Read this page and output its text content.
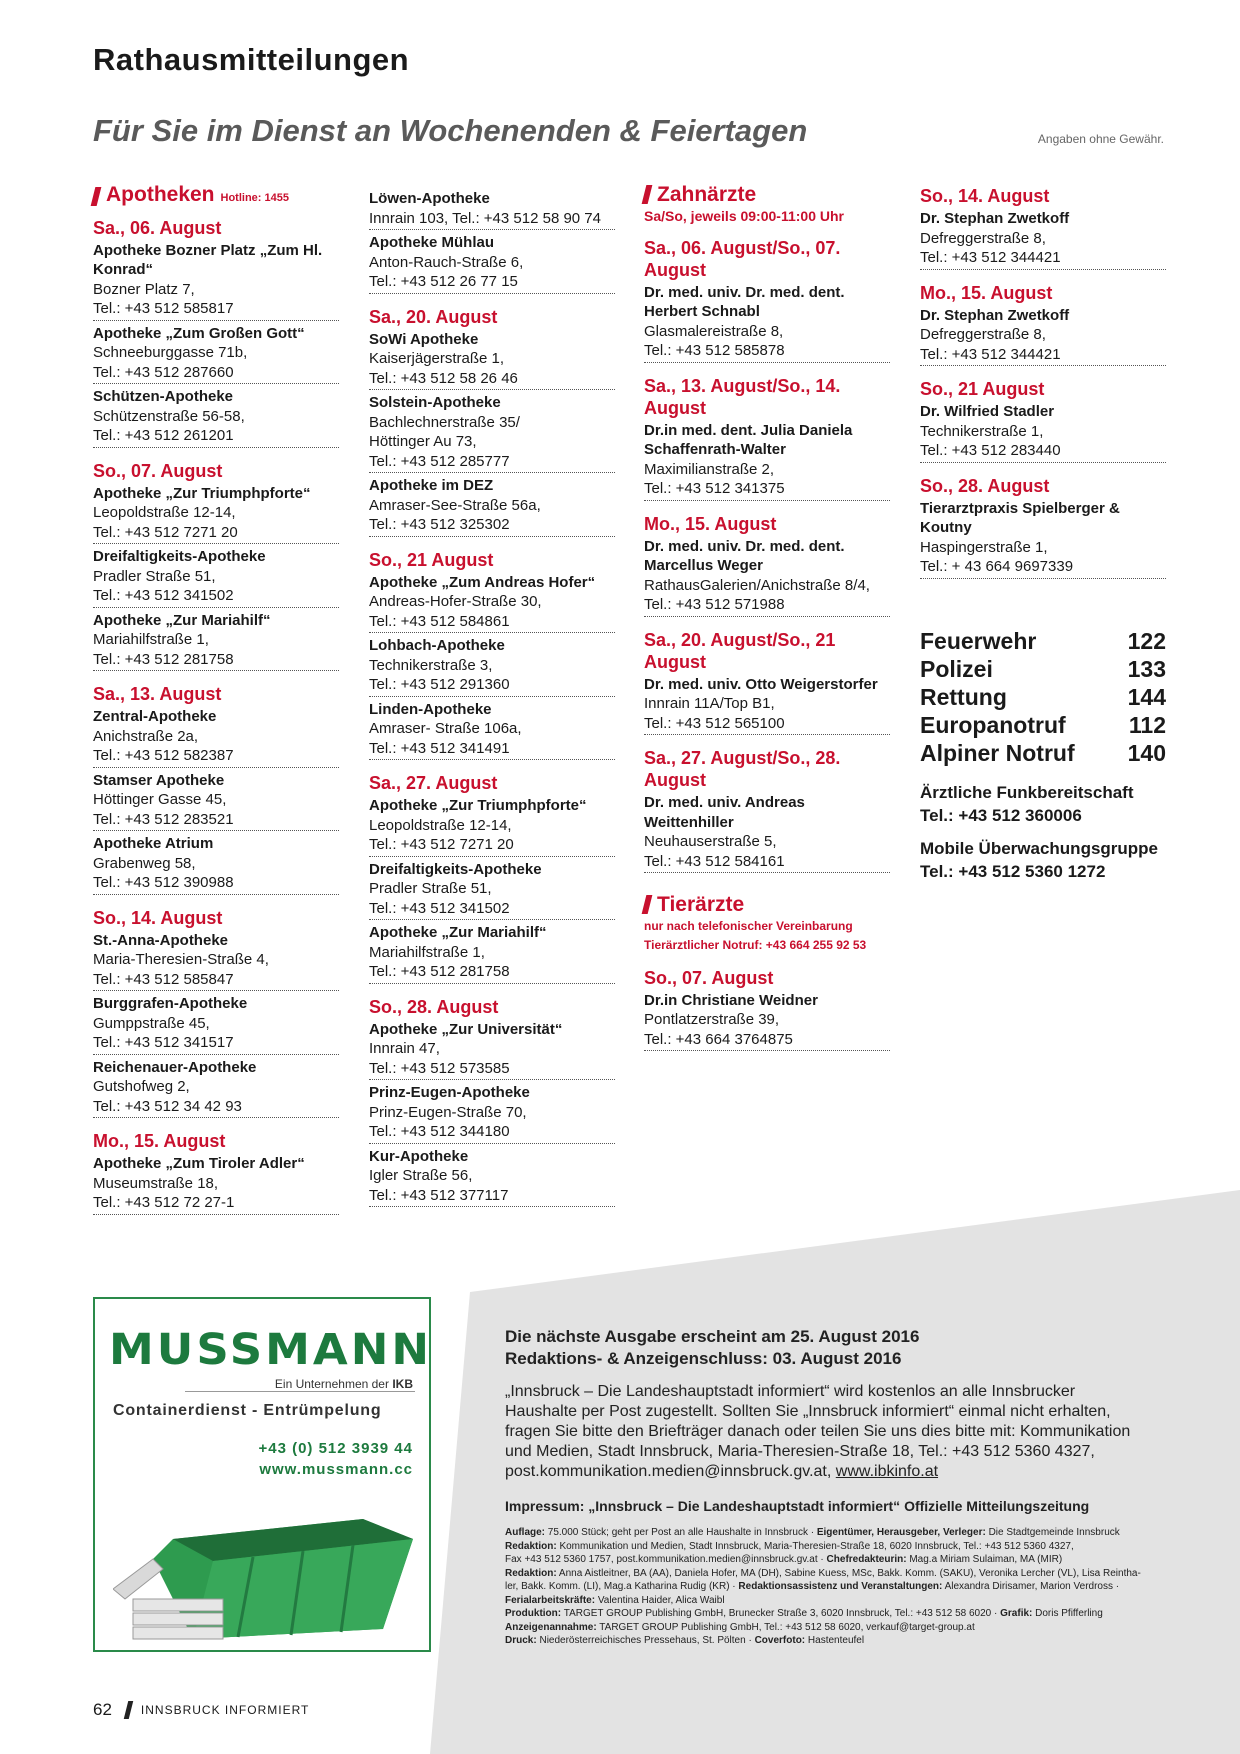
Rathausmitteilungen
Für Sie im Dienst an Wochenenden & Feiertagen	Angaben ohne Gewähr.
Apotheken Hotline: 1455
Sa., 06. August
Apotheke Bozner Platz „Zum Hl. Konrad“
Bozner Platz 7,
Tel.: +43 512 585817
Apotheke „Zum Großen Gott“
Schneeburggasse 71b,
Tel.: +43 512 287660
Schützen-Apotheke
Schützenstraße 56-58,
Tel.: +43 512 261201
So., 07. August
Apotheke „Zur Triumphpforte“
Leopoldstraße 12-14,
Tel.: +43 512 7271 20
Dreifaltigkeits-Apotheke
Pradler Straße 51,
Tel.: +43 512 341502
Apotheke „Zur Mariahilf“
Mariahilfstraße 1,
Tel.: +43 512 281758
Sa., 13. August
Zentral-Apotheke
Anichstraße 2a,
Tel.: +43 512 582387
Stamser Apotheke
Höttinger Gasse 45,
Tel.: +43 512 283521
Apotheke Atrium
Grabenweg 58,
Tel.: +43 512 390988
So., 14. August
St.-Anna-Apotheke
Maria-Theresien-Straße 4,
Tel.: +43 512 585847
Burggrafen-Apotheke
Gumppstraße 45,
Tel.: +43 512 341517
Reichenauer-Apotheke
Gutshofweg 2,
Tel.: +43 512 34 42 93
Mo., 15. August
Apotheke „Zum Tiroler Adler“
Museumstraße 18,
Tel.: +43 512 72 27-1
Löwen-Apotheke
Innrain 103, Tel.: +43 512 58 90 74
Apotheke Mühlau
Anton-Rauch-Straße 6,
Tel.: +43 512 26 77 15
Sa., 20. August
SoWi Apotheke
Kaiserjägerstraße 1,
Tel.: +43 512 58 26 46
Solstein-Apotheke
Bachlechnerstraße 35/
Höttinger Au 73,
Tel.: +43 512 285777
Apotheke im DEZ
Amraser-See-Straße 56a,
Tel.: +43 512 325302
So., 21 August
Apotheke „Zum Andreas Hofer“
Andreas-Hofer-Straße 30,
Tel.: +43 512 584861
Lohbach-Apotheke
Technikerstraße 3,
Tel.: +43 512 291360
Linden-Apotheke
Amraser- Straße 106a,
Tel.: +43 512 341491
Sa., 27. August
Apotheke „Zur Triumphpforte“
Leopoldstraße 12-14,
Tel.: +43 512 7271 20
Dreifaltigkeits-Apotheke
Pradler Straße 51,
Tel.: +43 512 341502
Apotheke „Zur Mariahilf“
Mariahilfstraße 1,
Tel.: +43 512 281758
So., 28. August
Apotheke „Zur Universität“
Innrain 47,
Tel.: +43 512 573585
Prinz-Eugen-Apotheke
Prinz-Eugen-Straße 70,
Tel.: +43 512 344180
Kur-Apotheke
Igler Straße 56,
Tel.: +43 512 377117
Zahnärzte
Sa/So, jeweils 09:00-11:00 Uhr
Sa., 06. August/So., 07. August
Dr. med. univ. Dr. med. dent. Herbert Schnabl
Glasmalereistraße 8,
Tel.: +43 512 585878
Sa., 13. August/So., 14. August
Dr.in med. dent. Julia Daniela Schaffenrath-Walter
Maximilianstraße 2,
Tel.: +43 512 341375
Mo., 15. August
Dr. med. univ. Dr. med. dent. Marcellus Weger
RathausGalerien/Anichstraße 8/4,
Tel.: +43 512 571988
Sa., 20. August/So., 21 August
Dr. med. univ. Otto Weigerstorfer
Innrain 11A/Top B1,
Tel.: +43 512 565100
Sa., 27. August/So., 28. August
Dr. med. univ. Andreas Weittenhiller
Neuhauserstraße 5,
Tel.: +43 512 584161
Tierärzte
nur nach telefonischer Vereinbarung
Tierärztlicher Notruf: +43 664 255 92 53
So., 07. August
Dr.in Christiane Weidner
Pontlatzerstraße 39,
Tel.: +43 664 3764875
So., 14. August
Dr. Stephan Zwetkoff
Defreggerstraße 8,
Tel.: +43 512 344421
Mo., 15. August
Dr. Stephan Zwetkoff
Defreggerstraße 8,
Tel.: +43 512 344421
So., 21 August
Dr. Wilfried Stadler
Technikerstraße 1,
Tel.: +43 512 283440
So., 28. August
Tierarztpraxis Spielberger & Koutny
Haspingerstraße 1,
Tel.: + 43 664 9697339
Feuerwehr	122
Polizei	133
Rettung	144
Europanotruf	112
Alpiner Notruf 140
Ärztliche Funkbereitschaft
Tel.: +43 512 360006
Mobile Überwachungsgruppe
Tel.: +43 512 5360 1272
MUSSMANN
Ein Unternehmen der IKB
Containerdienst - Entrümpelung
+43 (0) 512 3939 44
www.mussmann.cc
Die nächste Ausgabe erscheint am 25. August 2016
Redaktions- & Anzeigenschluss: 03. August 2016

„Innsbruck – Die Landeshauptstadt informiert“ wird kostenlos an alle Innsbrucker Haushalte per Post zugestellt. Sollten Sie „Innsbruck informiert“ einmal nicht erhalten, fragen Sie bitte den Briefträger danach oder teilen Sie uns dies bitte mit: Kommunikation und Medien, Stadt Innsbruck, Maria-Theresien-Straße 18, Tel.: +43 512 5360 4327, post.kommunikation.medien@innsbruck.gv.at, www.ibkinfo.at

Impressum: „Innsbruck – Die Landeshauptstadt informiert“ Offizielle Mitteilungszeitung
Auflage: 75.000 Stück; geht per Post an alle Haushalte in Innsbruck · Eigentümer, Herausgeber, Verleger: Die Stadtgemeinde Innsbruck
Redaktion: Kommunikation und Medien, Stadt Innsbruck, Maria-Theresien-Straße 18, 6020 Innsbruck, Tel.: +43 512 5360 4327,
Fax +43 512 5360 1757, post.kommunikation.medien@innsbruck.gv.at · Chefredakteurin: Mag.a Miriam Sulaiman, MA (MIR)
Redaktion: Anna Aistleitner, BA (AA), Daniela Hofer, MA (DH), Sabine Kuess, MSc, Bakk. Komm. (SAKU), Veronika Lercher (VL), Lisa Reintha-
ler, Bakk. Komm. (LI), Mag.a Katharina Rudig (KR) · Redaktionsassistenz und Veranstaltungen: Alexandra Dirisamer, Marion Verdross ·
Ferialarbeitskräfte: Valentina Haider, Alica Waibl
Produktion: TARGET GROUP Publishing GmbH, Brunecker Straße 3, 6020 Innsbruck, Tel.: +43 512 58 6020 · Grafik: Doris Pfifferling
Anzeigenannahme: TARGET GROUP Publishing GmbH, Tel.: +43 512 58 6020, verkauf@target-group.at
Druck: Niederösterreichisches Pressehaus, St. Pölten · Coverfoto: Hastenteufel
62 INNSBRUCK INFORMIERT
